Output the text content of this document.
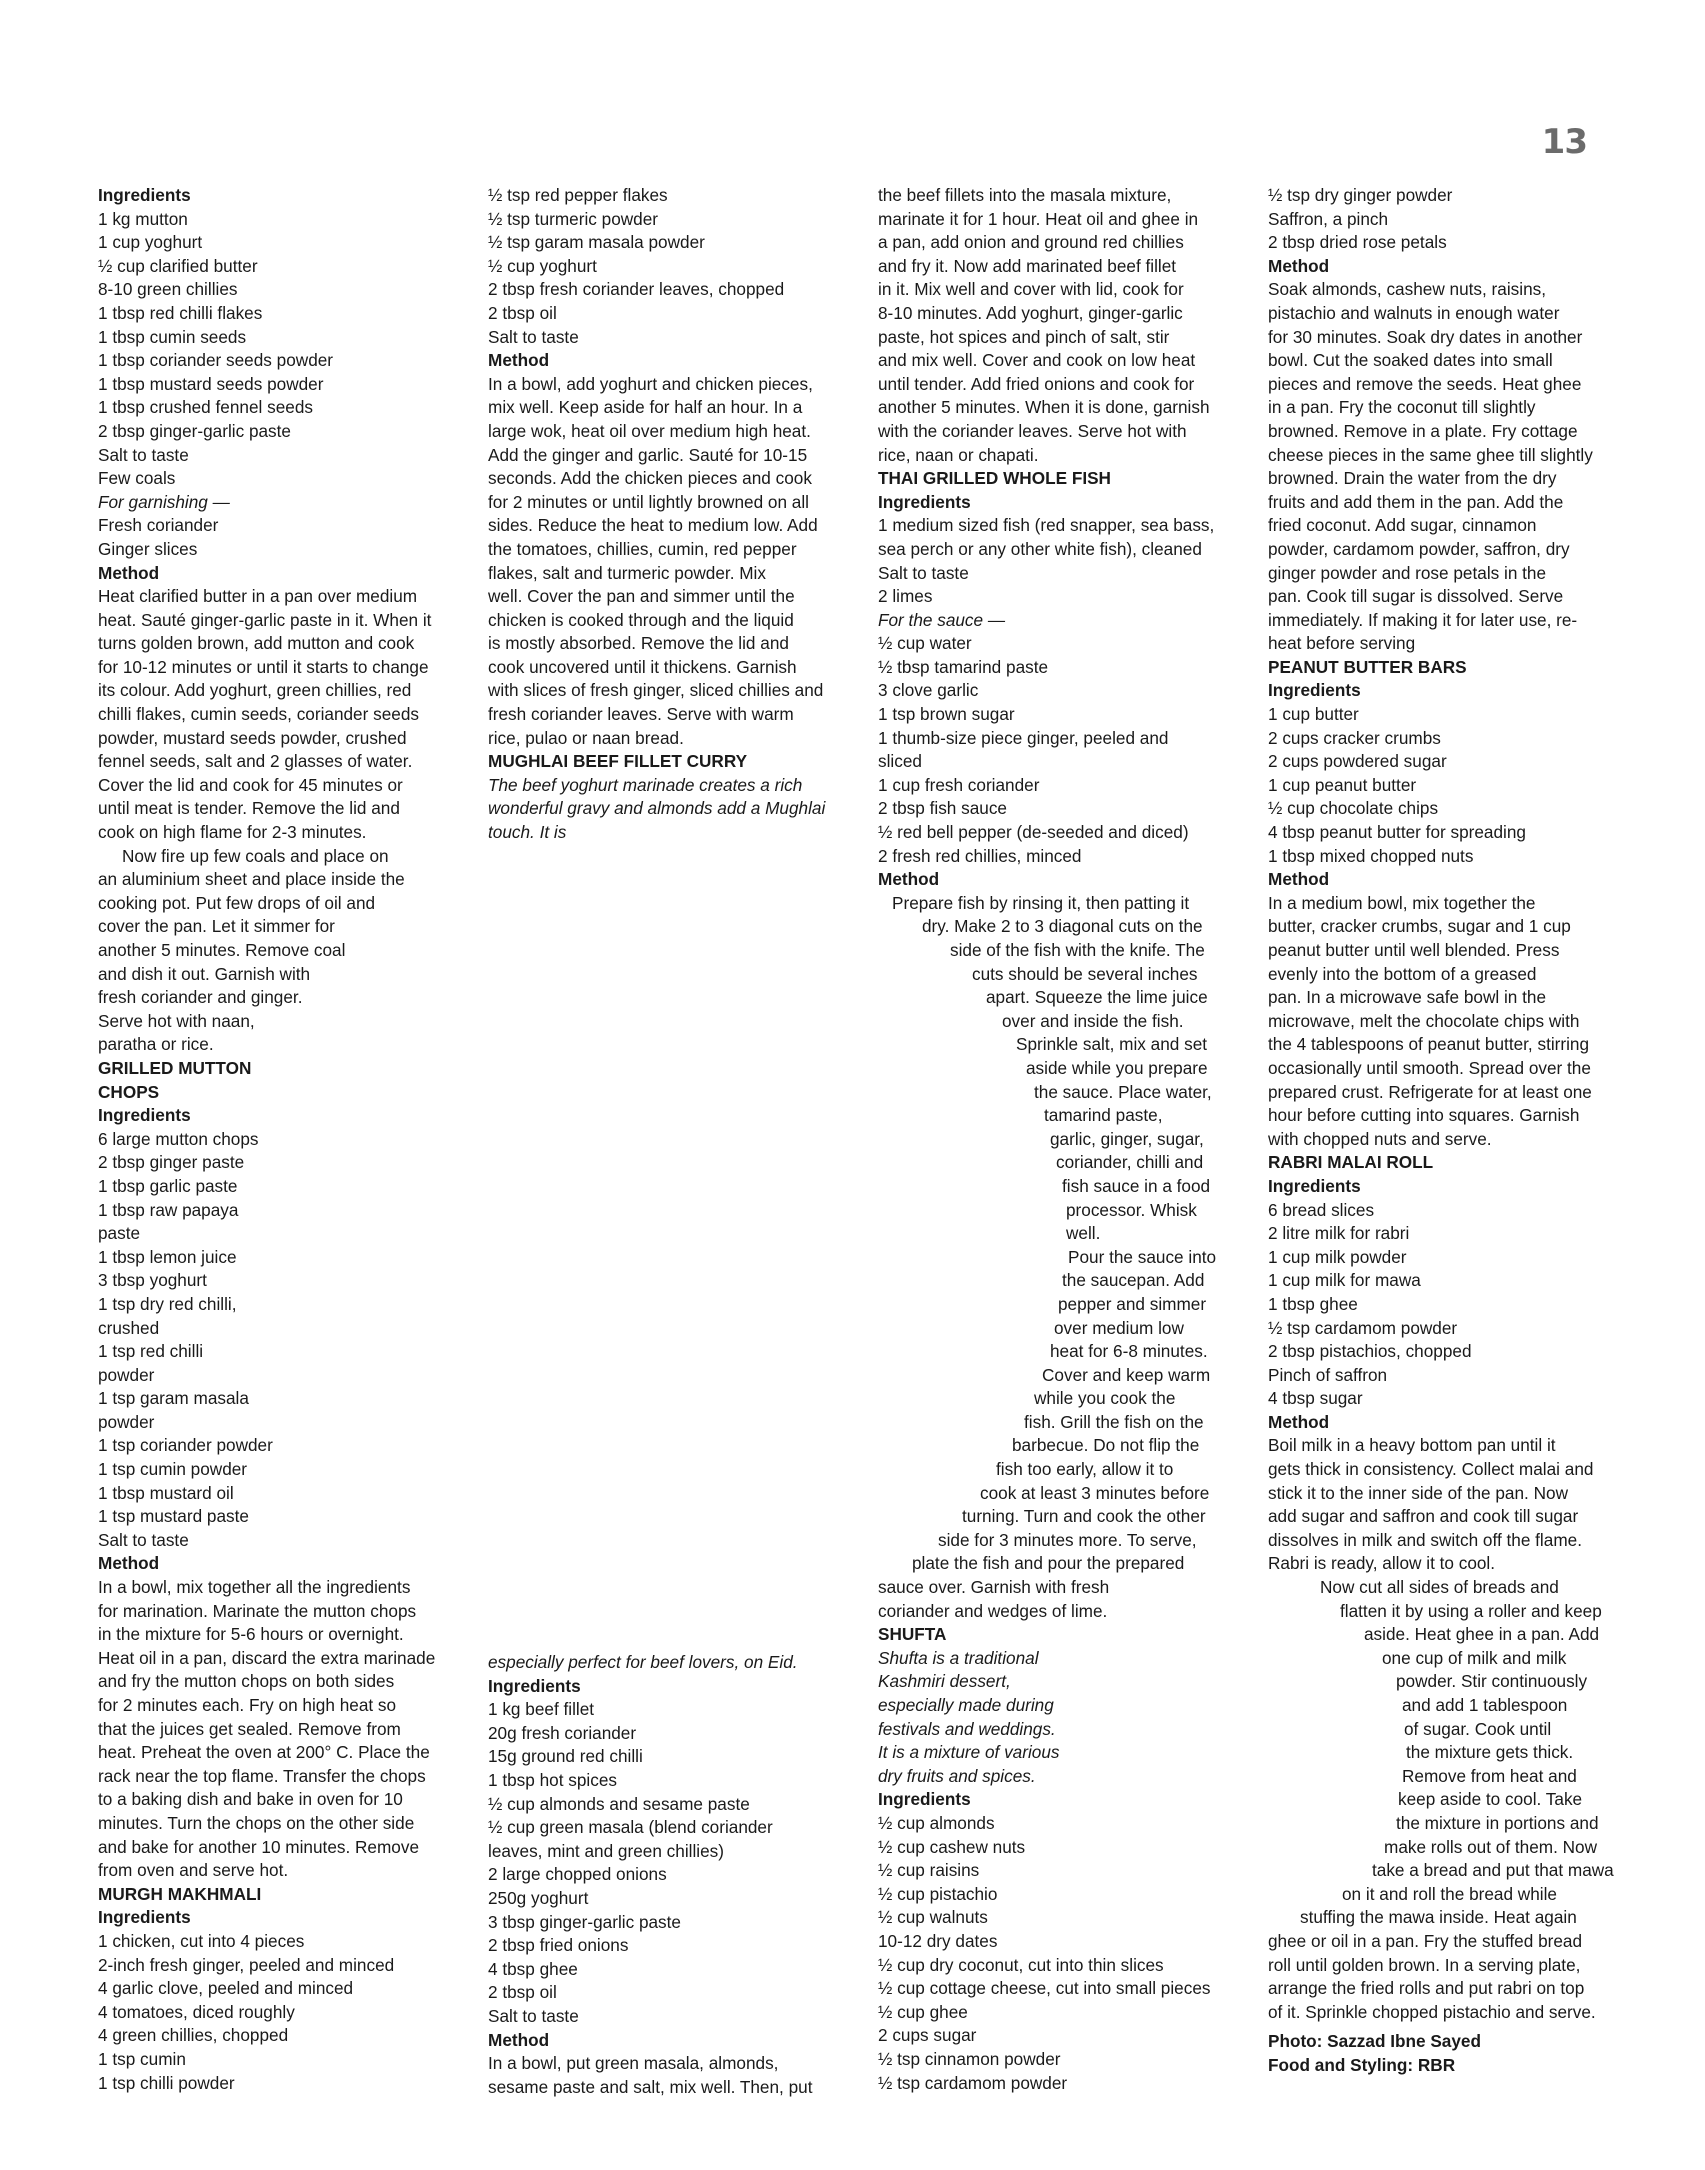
13
Ingredients
1 kg mutton
1 cup yoghurt
½ cup clarified butter
8-10 green chillies
1 tbsp red chilli flakes
1 tbsp cumin seeds
1 tbsp coriander seeds powder
1 tbsp mustard seeds powder
1 tbsp crushed fennel seeds
2 tbsp ginger-garlic paste
Salt to taste
Few coals
For garnishing —
Fresh coriander
Ginger slices
Method
Heat clarified butter in a pan over medium
heat. Sauté ginger-garlic paste in it. When it
turns golden brown, add mutton and cook
for 10-12 minutes or until it starts to change
its colour. Add yoghurt, green chillies, red
chilli flakes, cumin seeds, coriander seeds
powder, mustard seeds powder, crushed
fennel seeds, salt and 2 glasses of water.
Cover the lid and cook for 45 minutes or
until meat is tender. Remove the lid and
cook on high flame for 2-3 minutes.
Now fire up few coals and place on
an aluminium sheet and place inside the
cooking pot. Put few drops of oil and
cover the pan. Let it simmer for
another 5 minutes. Remove coal
and dish it out. Garnish with
fresh coriander and ginger.
Serve hot with naan,
paratha or rice.
GRILLED MUTTON
CHOPS
Ingredients
6 large mutton chops
2 tbsp ginger paste
1 tbsp garlic paste
1 tbsp raw papaya
paste
1 tbsp lemon juice
3 tbsp yoghurt
1 tsp dry red chilli,
crushed
1 tsp red chilli
powder
1 tsp garam masala
powder
1 tsp coriander powder
1 tsp cumin powder
1 tbsp mustard oil
1 tsp mustard paste
Salt to taste
Method
In a bowl, mix together all the ingredients
for marination. Marinate the mutton chops
in the mixture for 5-6 hours or overnight.
Heat oil in a pan, discard the extra marinade
and fry the mutton chops on both sides
for 2 minutes each. Fry on high heat so
that the juices get sealed. Remove from
heat. Preheat the oven at 200° C. Place the
rack near the top flame. Transfer the chops
to a baking dish and bake in oven for 10
minutes. Turn the chops on the other side
and bake for another 10 minutes. Remove
from oven and serve hot.
MURGH MAKHMALI
Ingredients
1 chicken, cut into 4 pieces
2-inch fresh ginger, peeled and minced
4 garlic clove, peeled and minced
4 tomatoes, diced roughly
4 green chillies, chopped
1 tsp cumin
1 tsp chilli powder
½ tsp red pepper flakes
½ tsp turmeric powder
½ tsp garam masala powder
½ cup yoghurt
2 tbsp fresh coriander leaves, chopped
2 tbsp oil
Salt to taste
Method
In a bowl, add yoghurt and chicken pieces,
mix well. Keep aside for half an hour. In a
large wok, heat oil over medium high heat.
Add the ginger and garlic. Sauté for 10-15
seconds. Add the chicken pieces and cook
for 2 minutes or until lightly browned on all
sides. Reduce the heat to medium low. Add
the tomatoes, chillies, cumin, red pepper
flakes, salt and turmeric powder. Mix
well. Cover the pan and simmer until the
chicken is cooked through and the liquid
is mostly absorbed. Remove the lid and
cook uncovered until it thickens. Garnish
with slices of fresh ginger, sliced chillies and
fresh coriander leaves. Serve with warm
rice, pulao or naan bread.
MUGHLAI BEEF FILLET CURRY
The beef yoghurt marinade creates a rich
wonderful gravy and almonds add a Mughlai
touch. It is
especially perfect for beef lovers, on Eid.
Ingredients
1 kg beef fillet
20g fresh coriander
15g ground red chilli
1 tbsp hot spices
½ cup almonds and sesame paste
½ cup green masala (blend coriander
leaves, mint and green chillies)
2 large chopped onions
250g yoghurt
3 tbsp ginger-garlic paste
2 tbsp fried onions
4 tbsp ghee
2 tbsp oil
Salt to taste
Method
In a bowl, put green masala, almonds,
sesame paste and salt, mix well. Then, put
the beef fillets into the masala mixture,
marinate it for 1 hour. Heat oil and ghee in
a pan, add onion and ground red chillies
and fry it. Now add marinated beef fillet
in it. Mix well and cover with lid, cook for
8-10 minutes. Add yoghurt, ginger-garlic
paste, hot spices and pinch of salt, stir
and mix well. Cover and cook on low heat
until tender. Add fried onions and cook for
another 5 minutes. When it is done, garnish
with the coriander leaves. Serve hot with
rice, naan or chapati.
THAI GRILLED WHOLE FISH
Ingredients
1 medium sized fish (red snapper, sea bass,
sea perch or any other white fish), cleaned
Salt to taste
2 limes
For the sauce —
½ cup water
½ tbsp tamarind paste
3 clove garlic
1 tsp brown sugar
1 thumb-size piece ginger, peeled and
sliced
1 cup fresh coriander
2 tbsp fish sauce
½ red bell pepper (de-seeded and diced)
2 fresh red chillies, minced
Method
Prepare fish by rinsing it, then patting it
dry. Make 2 to 3 diagonal cuts on the
side of the fish with the knife. The
cuts should be several inches
apart. Squeeze the lime juice
over and inside the fish.
Sprinkle salt, mix and set
aside while you prepare
the sauce. Place water,
tamarind paste,
garlic, ginger, sugar,
coriander, chilli and
fish sauce in a food
processor. Whisk
well.
Pour the sauce into
the saucepan. Add
pepper and simmer
over medium low
heat for 6-8 minutes.
Cover and keep warm
while you cook the
fish. Grill the fish on the
barbecue. Do not flip the
fish too early, allow it to
cook at least 3 minutes before
turning. Turn and cook the other
side for 3 minutes more. To serve,
plate the fish and pour the prepared
sauce over. Garnish with fresh
coriander and wedges of lime.
SHUFTA
Shufta is a traditional
Kashmiri dessert,
especially made during
festivals and weddings.
It is a mixture of various
dry fruits and spices.
Ingredients
½ cup almonds
½ cup cashew nuts
½ cup raisins
½ cup pistachio
½ cup walnuts
10-12 dry dates
½ cup dry coconut, cut into thin slices
½ cup cottage cheese, cut into small pieces
½ cup ghee
2 cups sugar
½ tsp cinnamon powder
½ tsp cardamom powder
½ tsp dry ginger powder
Saffron, a pinch
2 tbsp dried rose petals
Method
Soak almonds, cashew nuts, raisins,
pistachio and walnuts in enough water
for 30 minutes. Soak dry dates in another
bowl. Cut the soaked dates into small
pieces and remove the seeds. Heat ghee
in a pan. Fry the coconut till slightly
browned. Remove in a plate. Fry cottage
cheese pieces in the same ghee till slightly
browned. Drain the water from the dry
fruits and add them in the pan. Add the
fried coconut. Add sugar, cinnamon
powder, cardamom powder, saffron, dry
ginger powder and rose petals in the
pan. Cook till sugar is dissolved. Serve
immediately. If making it for later use, re-
heat before serving
PEANUT BUTTER BARS
Ingredients
1 cup butter
2 cups cracker crumbs
2 cups powdered sugar
1 cup peanut butter
½ cup chocolate chips
4 tbsp peanut butter for spreading
1 tbsp mixed chopped nuts
Method
In a medium bowl, mix together the
butter, cracker crumbs, sugar and 1 cup
peanut butter until well blended. Press
evenly into the bottom of a greased
pan. In a microwave safe bowl in the
microwave, melt the chocolate chips with
the 4 tablespoons of peanut butter, stirring
occasionally until smooth. Spread over the
prepared crust. Refrigerate for at least one
hour before cutting into squares. Garnish
with chopped nuts and serve.
RABRI MALAI ROLL
Ingredients
6 bread slices
2 litre milk for rabri
1 cup milk powder
1 cup milk for mawa
1 tbsp ghee
½ tsp cardamom powder
2 tbsp pistachios, chopped
Pinch of saffron
4 tbsp sugar
Method
Boil milk in a heavy bottom pan until it
gets thick in consistency. Collect malai and
stick it to the inner side of the pan. Now
add sugar and saffron and cook till sugar
dissolves in milk and switch off the flame.
Rabri is ready, allow it to cool.
Now cut all sides of breads and
flatten it by using a roller and keep
aside. Heat ghee in a pan. Add
one cup of milk and milk
powder. Stir continuously
and add 1 tablespoon
of sugar. Cook until
the mixture gets thick.
Remove from heat and
keep aside to cool. Take
the mixture in portions and
make rolls out of them. Now
take a bread and put that mawa
on it and roll the bread while
stuffing the mawa inside. Heat again
ghee or oil in a pan. Fry the stuffed bread
roll until golden brown. In a serving plate,
arrange the fried rolls and put rabri on top
of it. Sprinkle chopped pistachio and serve.
Photo: Sazzad Ibne Sayed
Food and Styling: RBR
